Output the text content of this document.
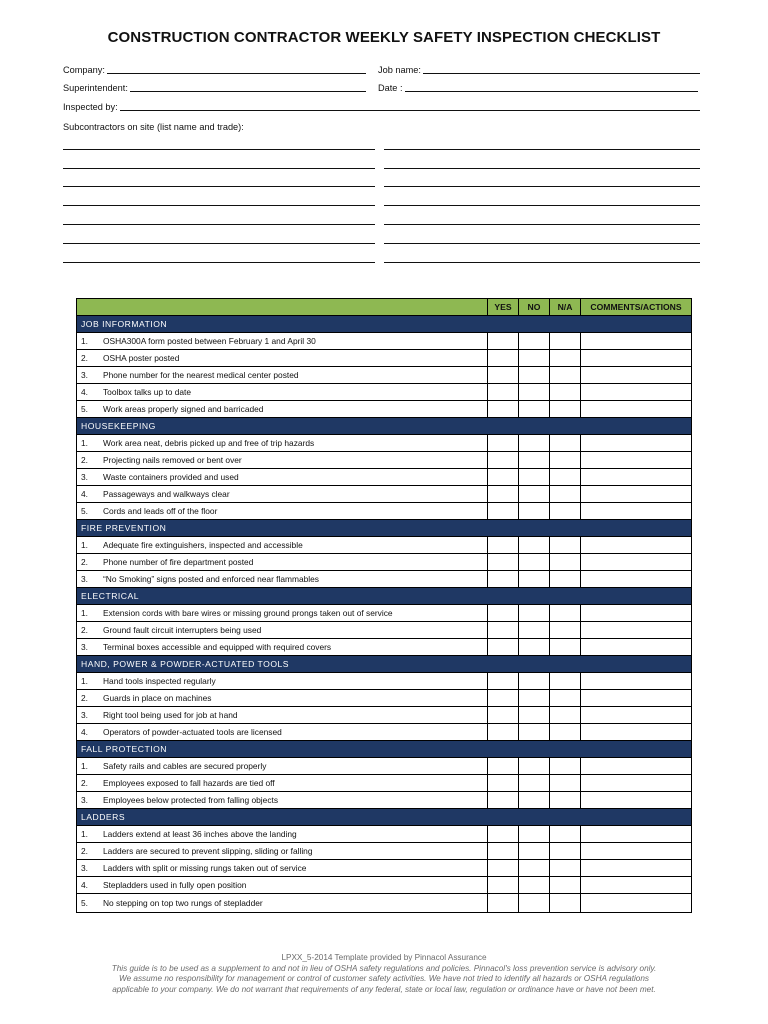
CONSTRUCTION CONTRACTOR WEEKLY SAFETY INSPECTION CHECKLIST
Company:	Job name:
Superintendent:	Date :
Inspected by:
Subcontractors on site (list name and trade):
	YES	NO	N/A	COMMENTS/ACTIONS
JOB INFORMATION				
1. OSHA300A form posted between February 1 and April 30				
2. OSHA poster posted				
3. Phone number for the nearest medical center posted				
4. Toolbox talks up to date				
5. Work areas properly signed and barricaded				
HOUSEKEEPING				
1. Work area neat, debris picked up and free of trip hazards				
2. Projecting nails removed or bent over				
3. Waste containers provided and used				
4. Passageways and walkways clear				
5. Cords and leads off of the floor				
FIRE PREVENTION				
1. Adequate fire extinguishers, inspected and accessible				
2. Phone number of fire department posted				
3. “No Smoking” signs posted and enforced near flammables				
ELECTRICAL				
1. Extension cords with bare wires or missing ground prongs taken out of service				
2. Ground fault circuit interrupters being used				
3. Terminal boxes accessible and equipped with required covers				
HAND, POWER & POWDER-ACTUATED TOOLS				
1. Hand tools inspected regularly				
2. Guards in place on machines				
3. Right tool being used for job at hand				
4. Operators of powder-actuated tools are licensed				
FALL PROTECTION				
1. Safety rails and cables are secured properly				
2. Employees exposed to fall hazards are tied off				
3. Employees below protected from falling objects				
LADDERS				
1. Ladders extend at least 36 inches above the landing				
2. Ladders are secured to prevent slipping, sliding or falling				
3. Ladders with split or missing rungs taken out of service				
4. Stepladders used in fully open position				
5. No stepping on top two rungs of stepladder				
LPXX_5-2014 Template provided by Pinnacol Assurance
This guide is to be used as a supplement to and not in lieu of OSHA safety regulations and policies. Pinnacol's loss prevention service is advisory only.
We assume no responsibility for management or control of customer safety activities. We have not tried to identify all hazards or OSHA regulations
applicable to your company. We do not warrant that requirements of any federal, state or local law, regulation or ordinance have or have not been met.
